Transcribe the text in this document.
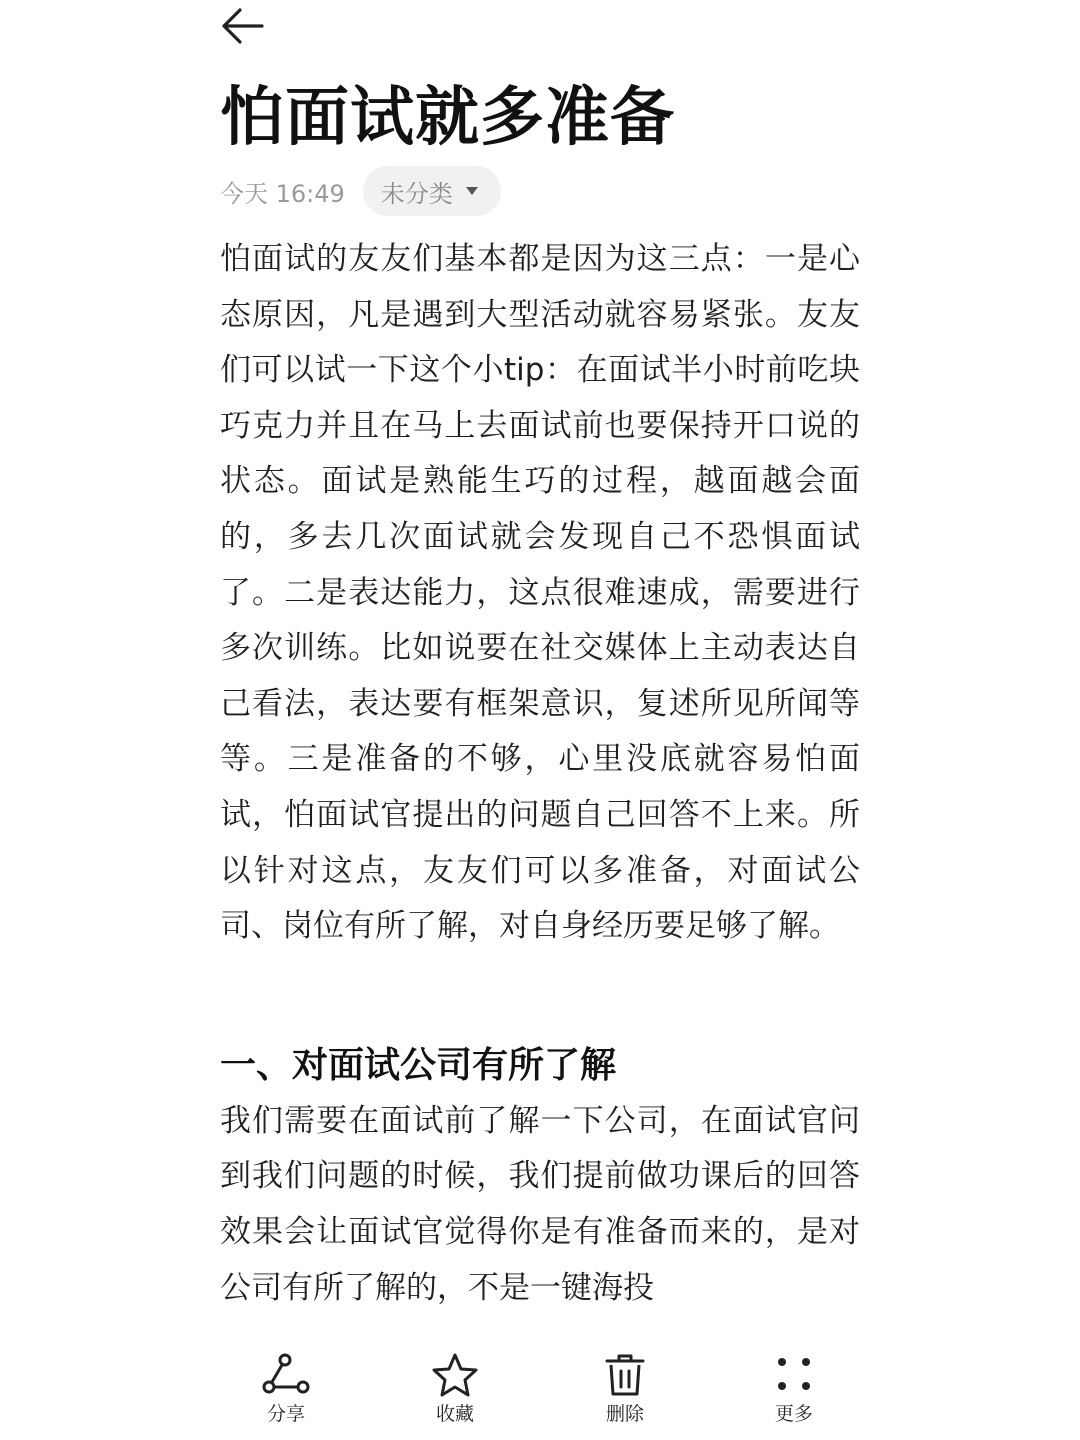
怕面试就多准备
今天 16:49 未分类

怕面试的友友们基本都是因为这三点：一是心态原因，凡是遇到大型活动就容易紧张。友友们可以试一下这个小tip：在面试半小时前吃块巧克力并且在马上去面试前也要保持开口说的状态。面试是熟能生巧的过程，越面越会面的，多去几次面试就会发现自己不恐惧面试了。二是表达能力，这点很难速成，需要进行多次训练。比如说要在社交媒体上主动表达自己看法，表达要有框架意识，复述所见所闻等等。三是准备的不够，心里没底就容易怕面试，怕面试官提出的问题自己回答不上来。所以针对这点，友友们可以多准备，对面试公司、岗位有所了解，对自身经历要足够了解。

一、对面试公司有所了解

我们需要在面试前了解一下公司，在面试官问到我们问题的时候，我们提前做功课后的回答效果会让面试官觉得你是有准备而来的，是对公司有所了解的，不是一键海投

分享	收藏	删除	更多
